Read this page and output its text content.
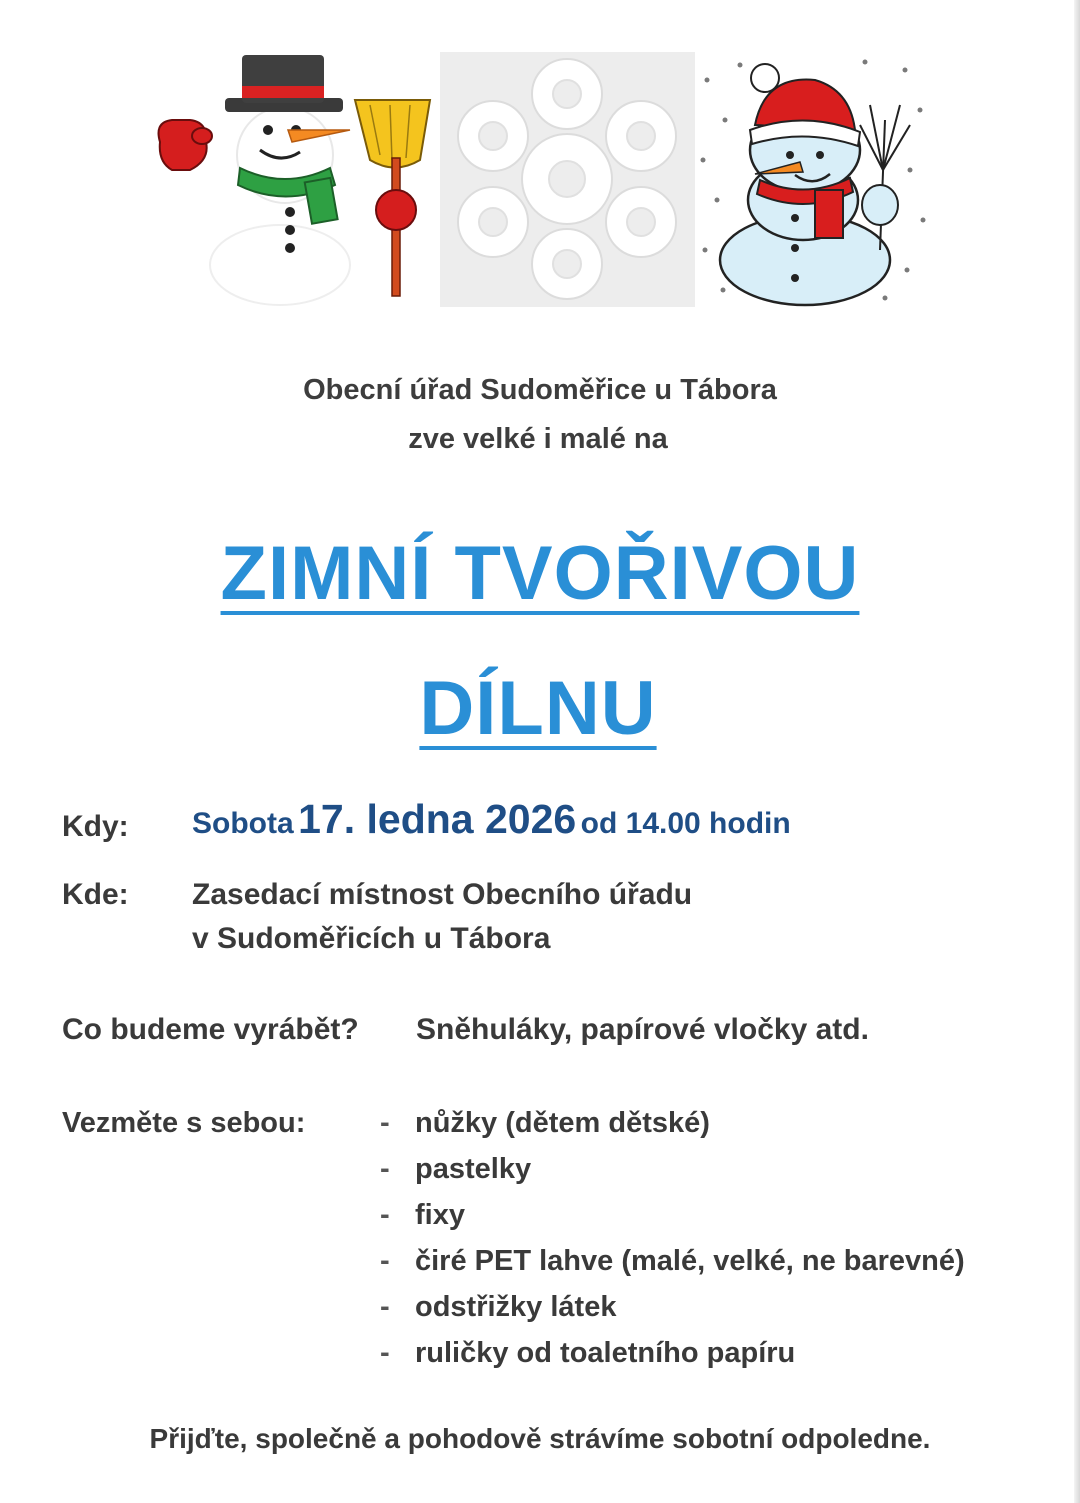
Obecní úřad Sudoměřice u Tábora
zve velké i malé na
ZIMNÍ TVOŘIVOU
DÍLNU
Kdy: Sobota 17. ledna 2026 od 14.00 hodin
Kde: Zasedací místnost Obecního úřadu
v Sudoměřicích u Tábora
Co budeme vyrábět? Sněhuláky, papírové vločky atd.
Vezměte s sebou:	- nůžky (dětem dětské)
- pastelky
- fixy
- čiré PET lahve (malé, velké, ne barevné)
- odstřižky látek
- ruličky od toaletního papíru
Přijďte, společně a pohodově strávíme sobotní odpoledne.
